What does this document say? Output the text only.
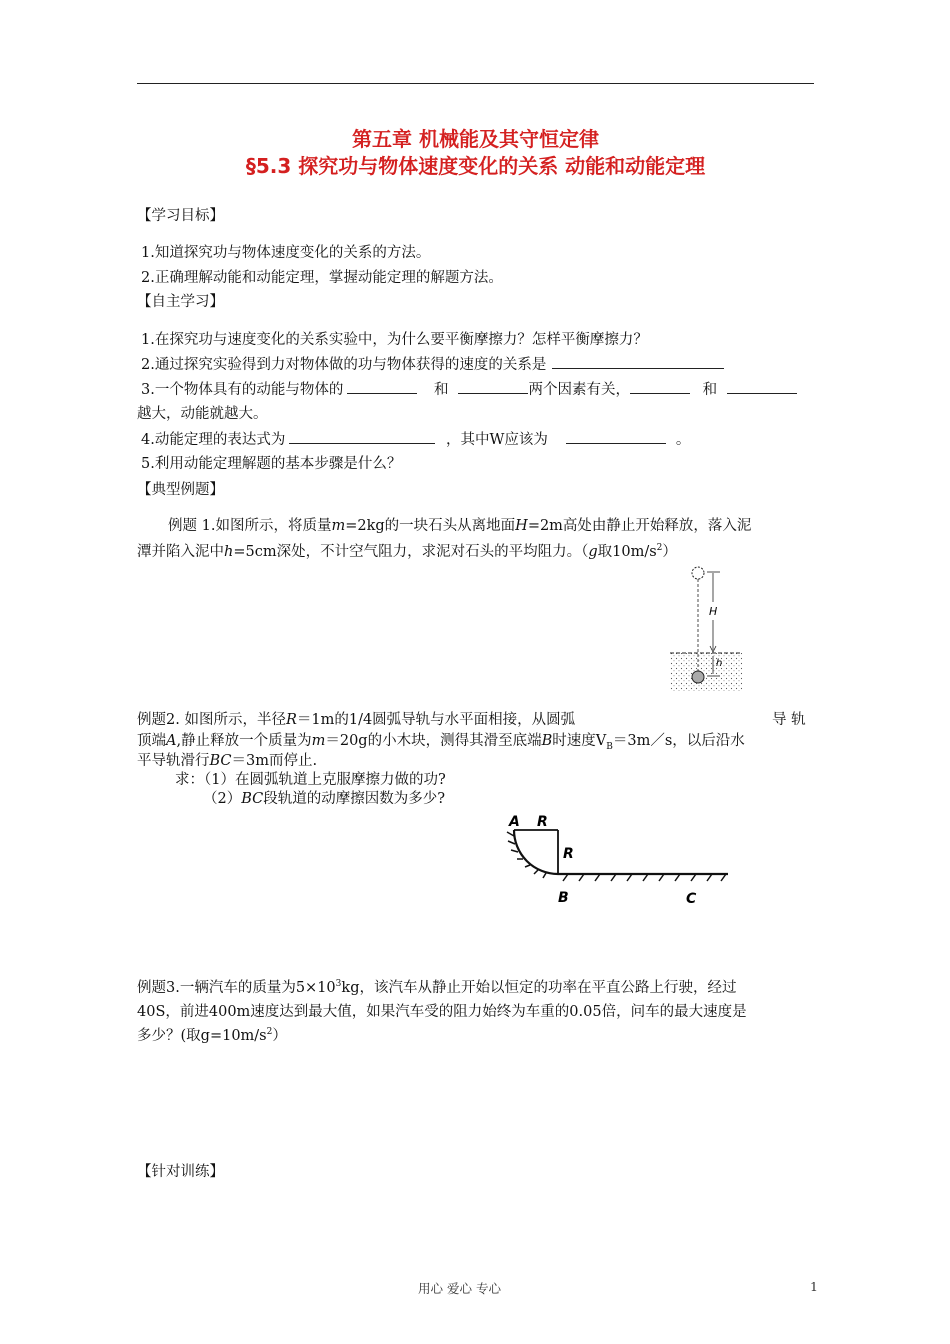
第五章 机械能及其守恒定律
§5.3 探究功与物体速度变化的关系 动能和动能定理
【学习目标】
1.知道探究功与物体速度变化的关系的方法。
2.正确理解动能和动能定理，掌握动能定理的解题方法。
【自主学习】
1.在探究功与速度变化的关系实验中，为什么要平衡摩擦力？怎样平衡摩擦力？
2.通过探究实验得到力对物体做的功与物体获得的速度的关系是
3.一个物体具有的动能与物体的	和	两个因素有关，	和
越大，动能就越大。
4.动能定理的表达式为	，其中W应该为	。
5.利用动能定理解题的基本步骤是什么？
【典型例题】
例题 1.如图所示，将质量m=2kg的一块石头从离地面H=2m高处由静止开始释放，落入泥
潭并陷入泥中h=5cm深处，不计空气阻力，求泥对石头的平均阻力。（g取$10m/s^2$）
H
h
例题2. 如图所示，半径R＝1m的1/4圆弧导轨与水平面相接，从圆弧	导 轨
顶端A,静止释放一个质量为m＝20g的小木块，测得其滑至底端B时速度$V_B=3m/s$，以后沿水
平导轨滑行BC＝3m而停止.
求：（1）在圆弧轨道上克服摩擦力做的功?
（2）BC段轨道的动摩擦因数为多少?
A R
R
B	C
例题3.一辆汽车的质量为$5\times 10^3kg$，该汽车从静止开始以恒定的功率在平直公路上行驶，经过
40S，前进400m速度达到最大值，如果汽车受的阻力始终为车重的0.05倍，问车的最大速度是
多少？(取$g=10m/s^2$）
【针对训练】
用心 爱心 专心	1
